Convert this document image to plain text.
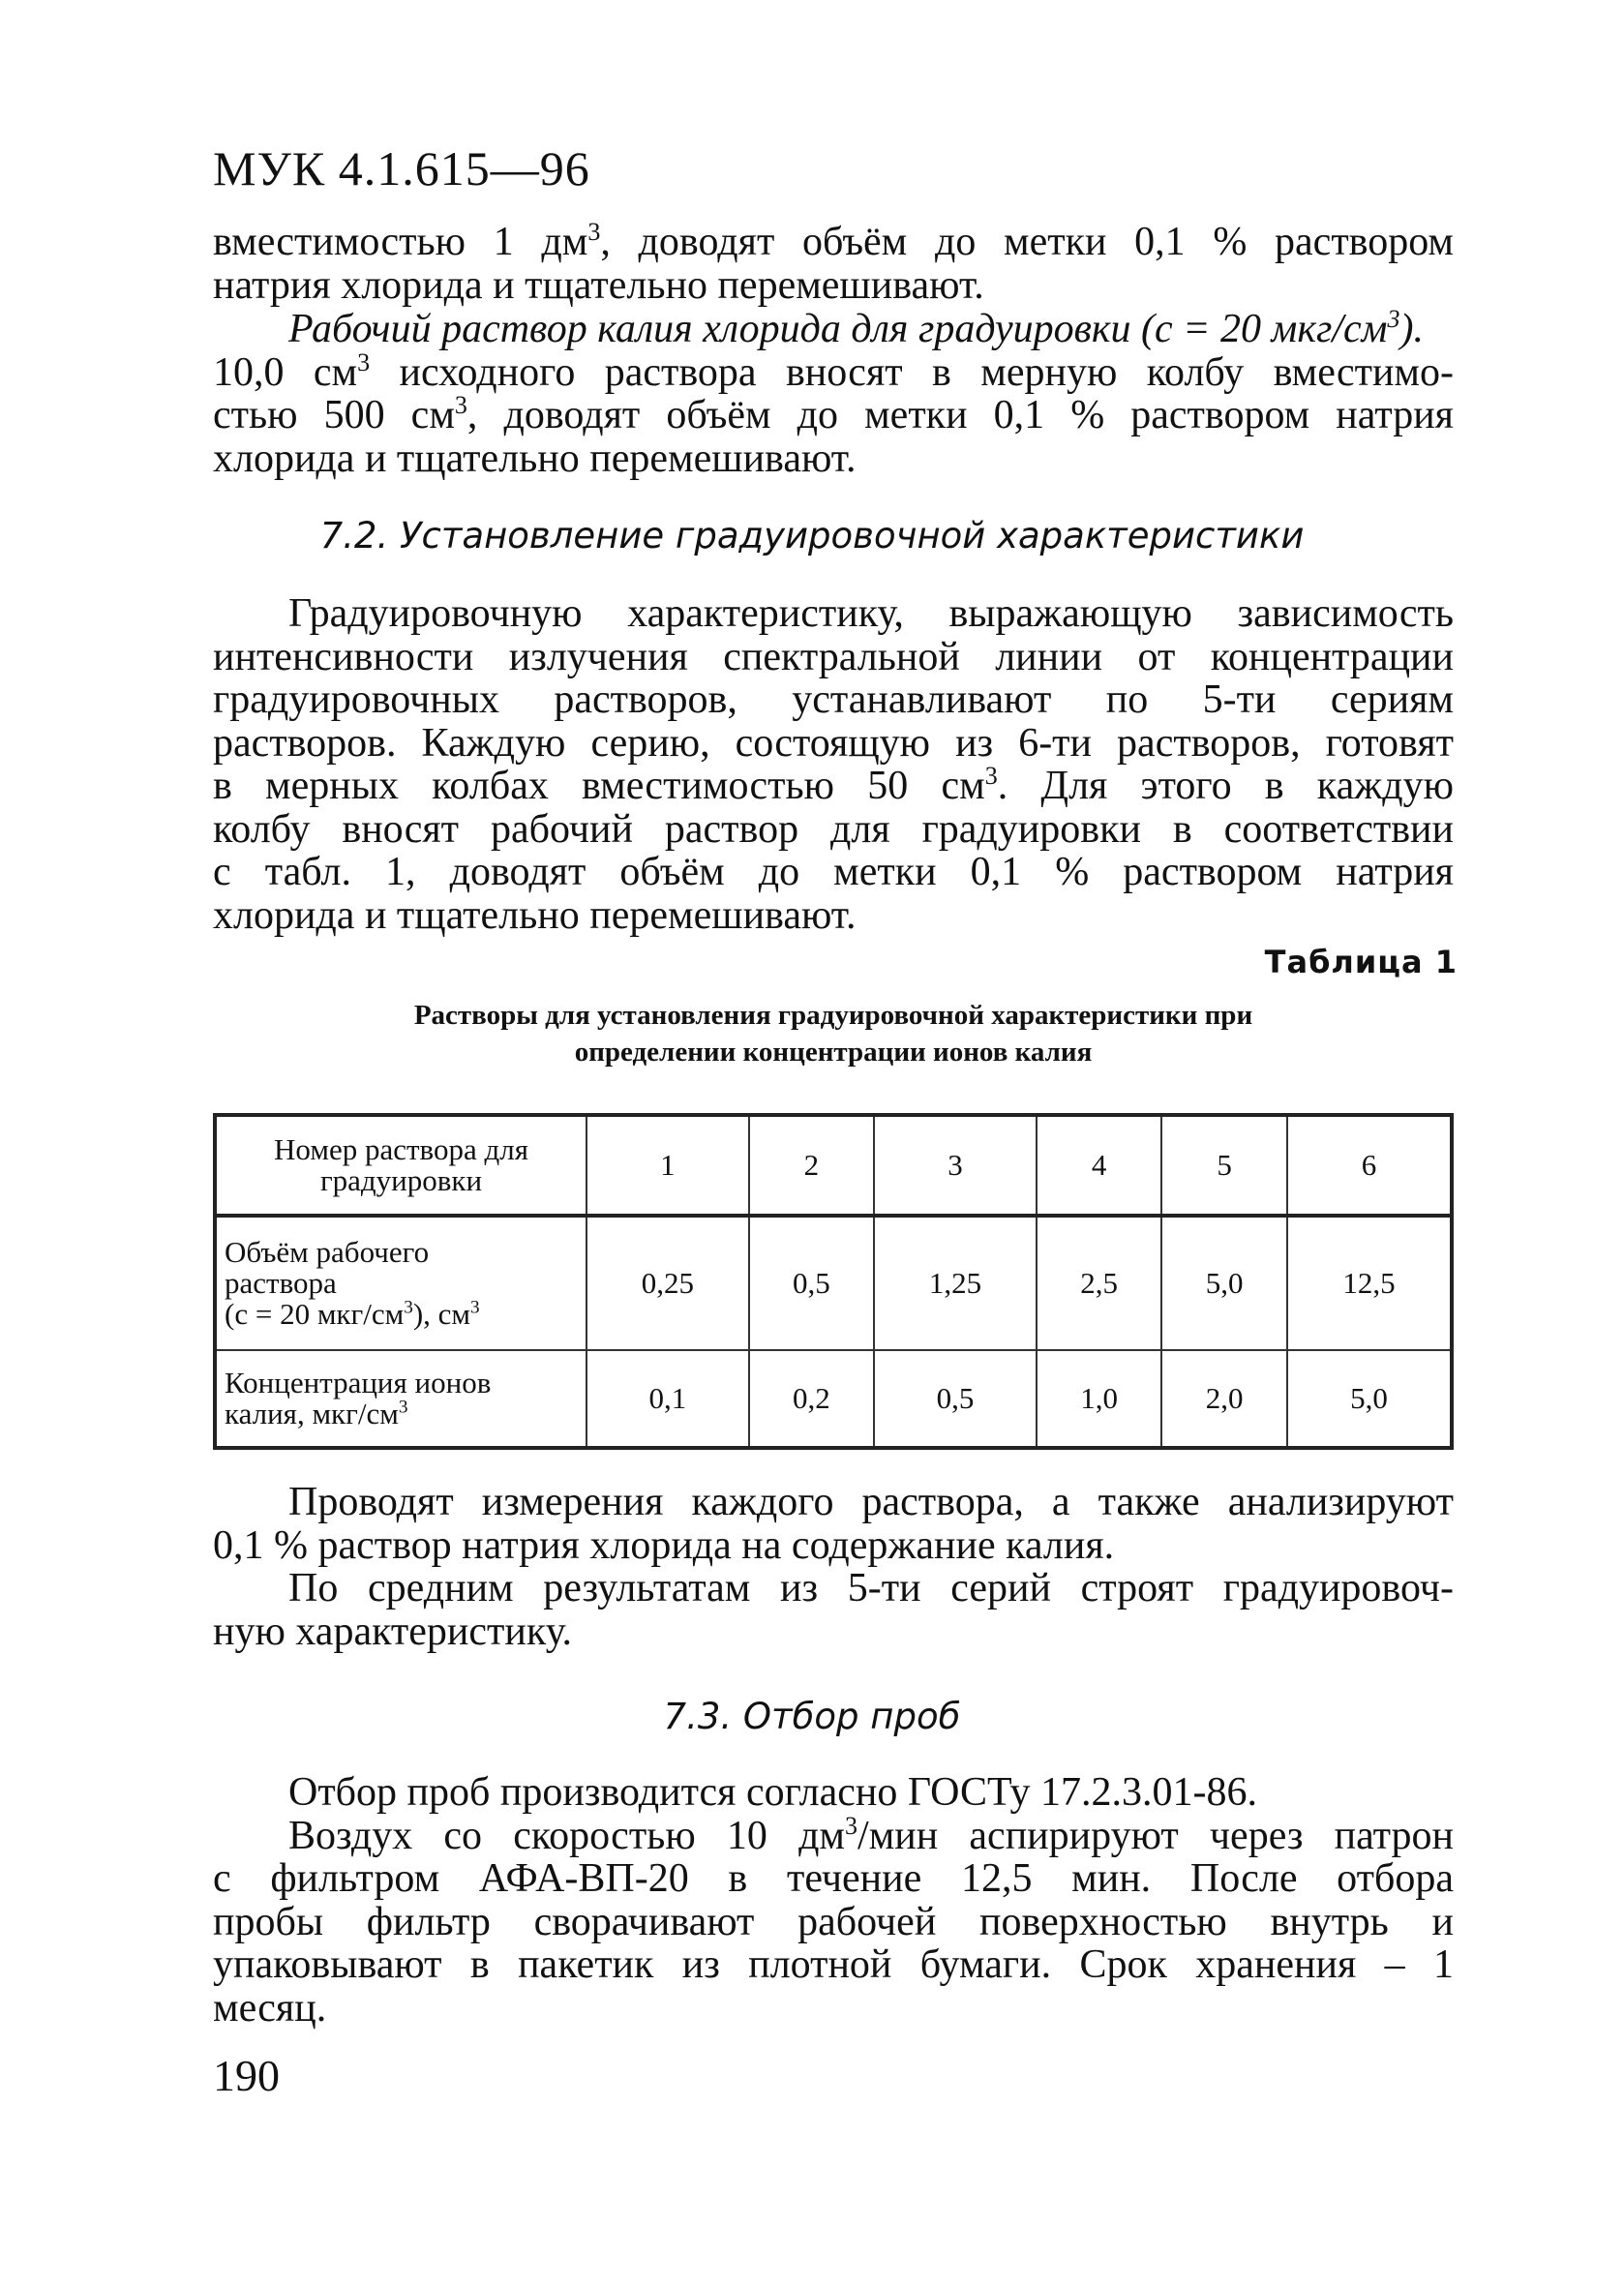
МУК 4.1.615—96
вместимостью 1 $дм^3$, доводят объём до метки 0,1 % раствором
натрия хлорида и тщательно перемешивают.
Рабочий раствор калия хлорида для градуировки (с = 20 мкг/$см^3$).
10,0 $см^3$ исходного раствора вносят в мерную колбу вместимо-
стью 500 $см^3$, доводят объём до метки 0,1 % раствором натрия
хлорида и тщательно перемешивают.
7.2. Установление градуировочной характеристики
Градуировочную характеристику, выражающую зависимость
интенсивности излучения спектральной линии от концентрации
градуировочных растворов, устанавливают по 5-ти сериям
растворов. Каждую серию, состоящую из 6-ти растворов, готовят
в мерных колбах вместимостью 50 $см^3$. Для этого в каждую
колбу вносят рабочий раствор для градуировки в соответствии
с табл. 1, доводят объём до метки 0,1 % раствором натрия
хлорида и тщательно перемешивают.
Таблица 1
Растворы для установления градуировочной характеристики при
определении концентрации ионов калия
Номер раствора для
градуировки	1	2	3	4	5	6

Объём рабочего
раствора
(с = 20 мкг/$см^3$), $см^3$	0,25	0,5	1,25	2,5	5,0	12,5

Концентрация ионов
калия, мкг/$см^3$	0,1	0,2	0,5	1,0	2,0	5,0
Проводят измерения каждого раствора, а также анализируют
0,1 % раствор натрия хлорида на содержание калия.
По средним результатам из 5-ти серий строят градуировоч-
ную характеристику.
7.3. Отбор проб
Отбор проб производится согласно ГОСТу 17.2.3.01-86.
Воздух со скоростью 10 $дм^3$/мин аспирируют через патрон
с фильтром АФА-ВП-20 в течение 12,5 мин. После отбора
пробы фильтр сворачивают рабочей поверхностью внутрь и
упаковывают в пакетик из плотной бумаги. Срок хранения – 1
месяц.
190
